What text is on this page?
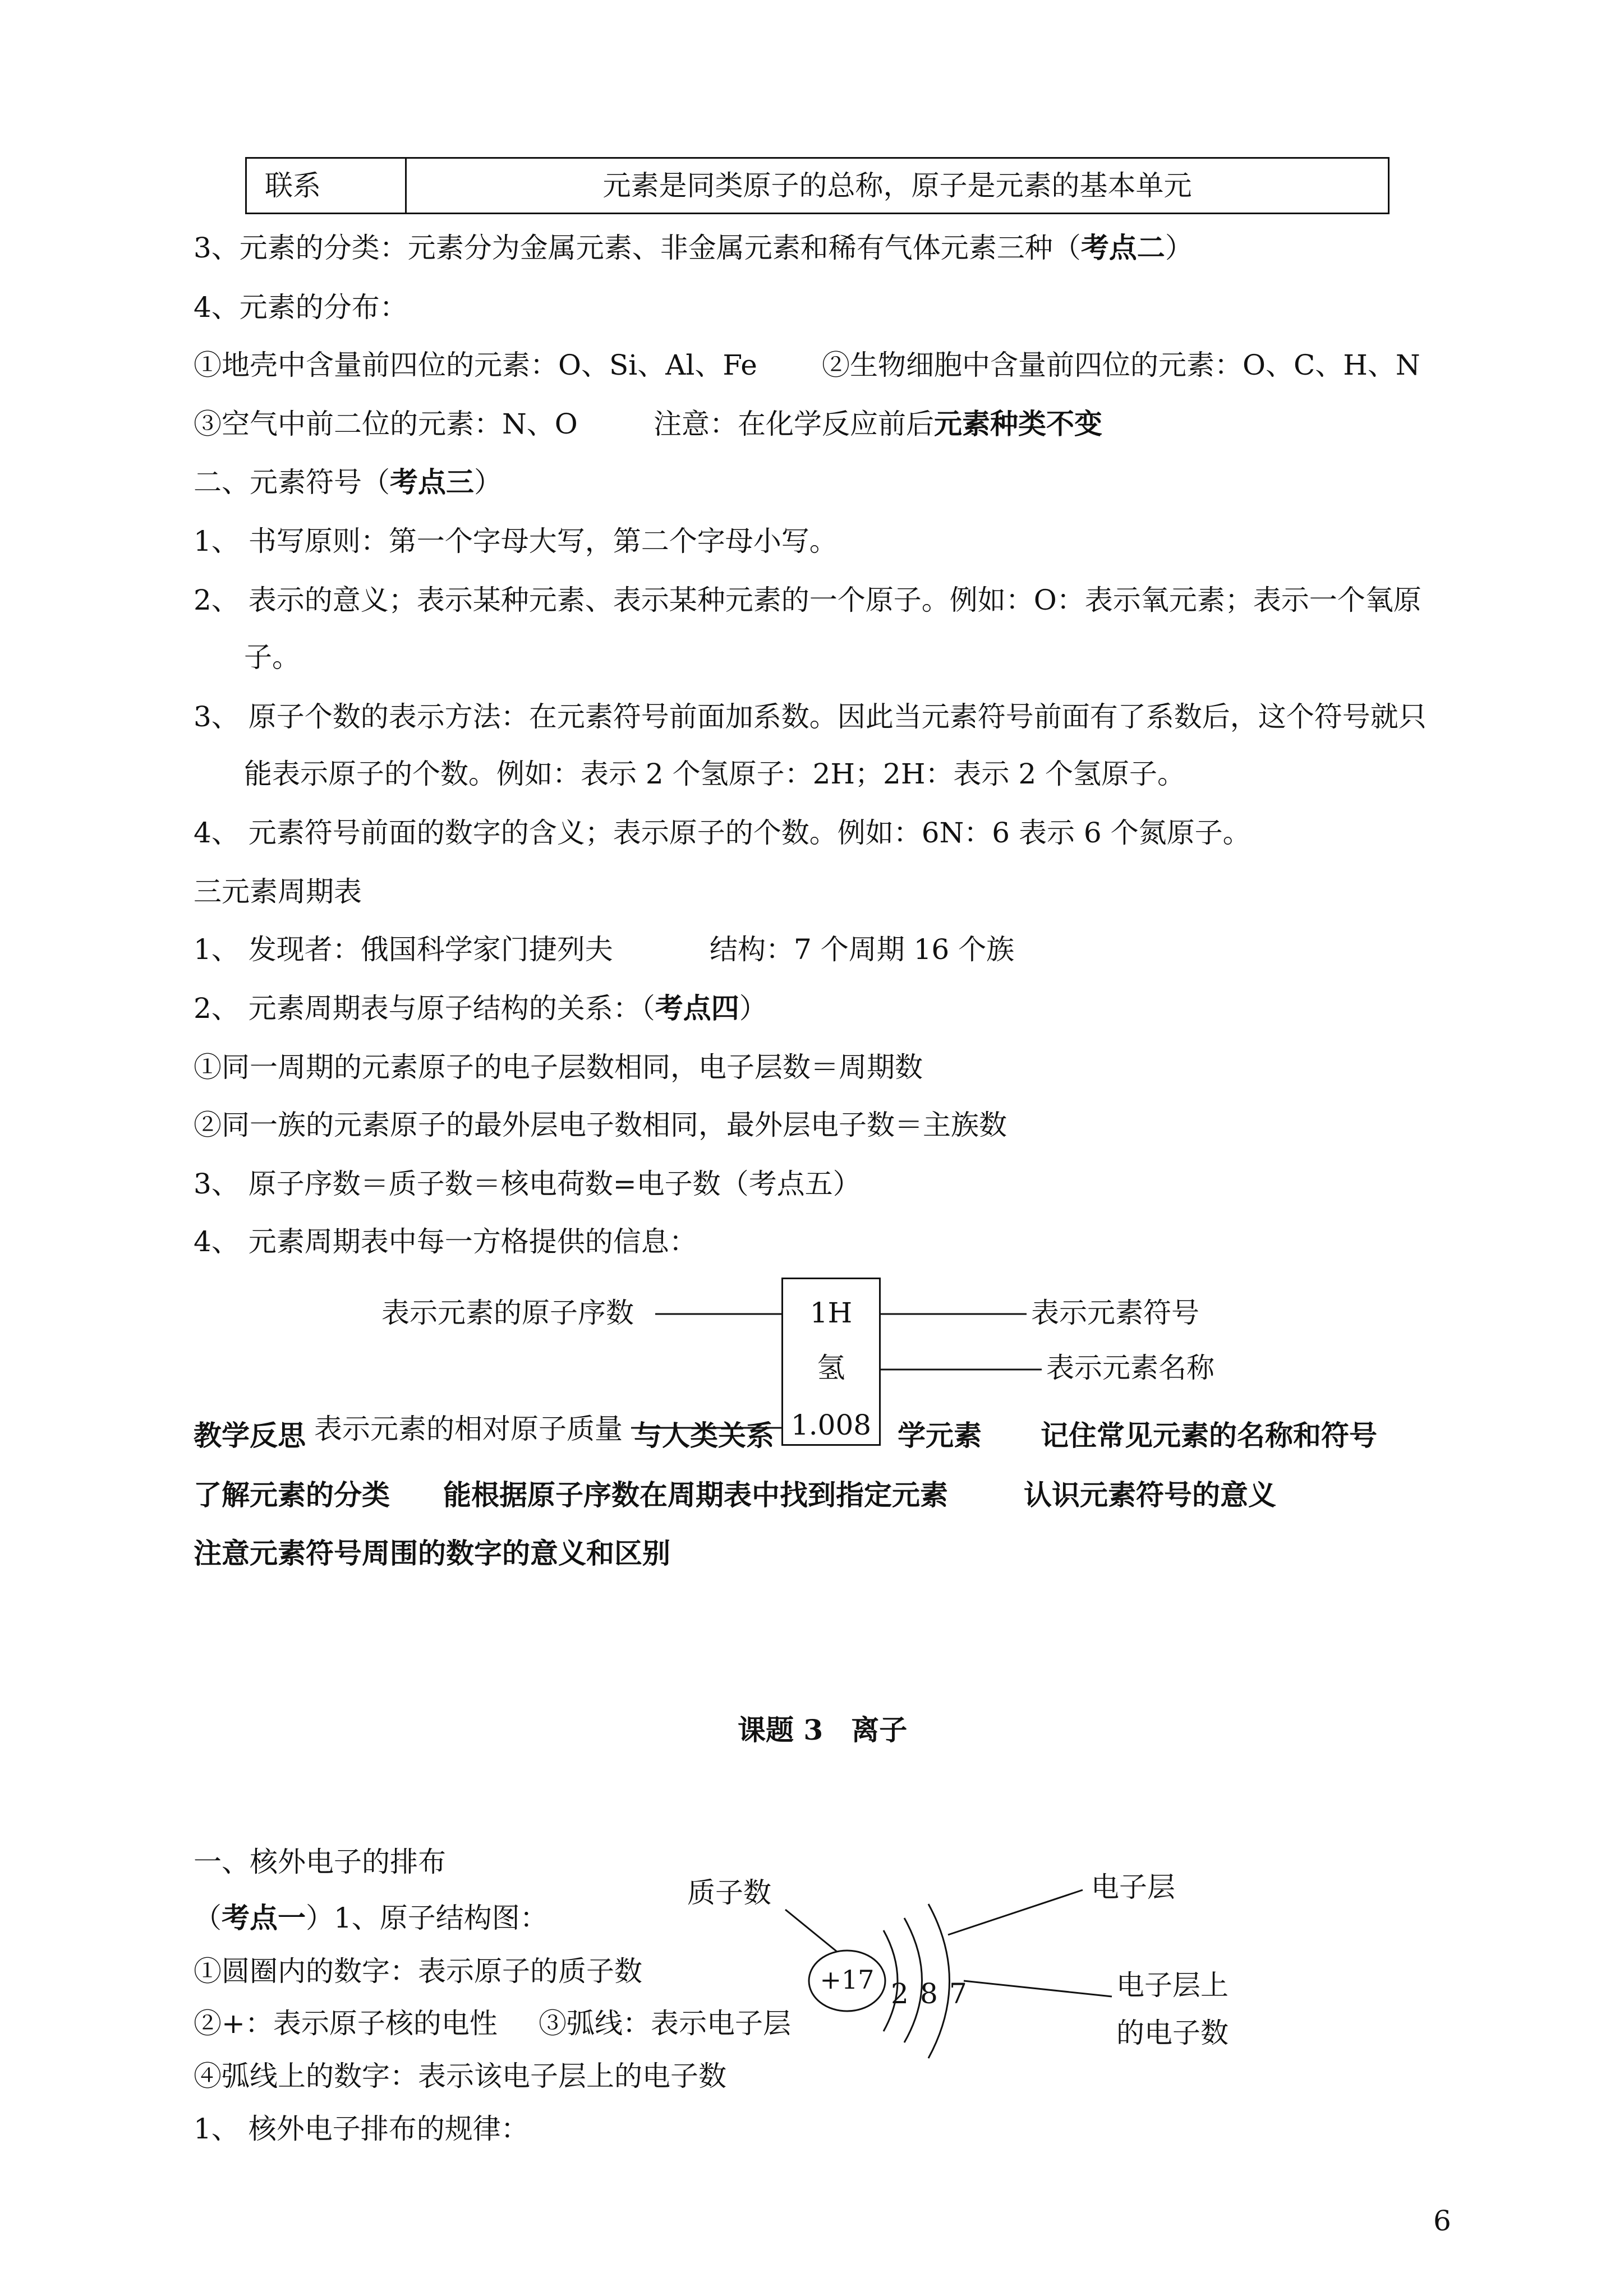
联系	元素是同类原子的总称，原子是元素的基本单元
3、元素的分类：元素分为金属元素、非金属元素和稀有气体元素三种（考点二）
4、元素的分布：
①地壳中含量前四位的元素：O、Si、Al、Fe ②生物细胞中含量前四位的元素：O、C、H、N
③空气中前二位的元素：N、O	注意：在化学反应前后元素种类不变
二、元素符号（考点三）
1、 书写原则：第一个字母大写，第二个字母小写。
2、 表示的意义；表示某种元素、表示某种元素的一个原子。例如：O：表示氧元素；表示一个氧原
子。
3、 原子个数的表示方法：在元素符号前面加系数。因此当元素符号前面有了系数后，这个符号就只
能表示原子的个数。例如：表示 2 个氢原子：2H；2H：表示 2 个氢原子。
4、 元素符号前面的数字的含义；表示原子的个数。例如：6N：6 表示 6 个氮原子。
三元素周期表
1、 发现者：俄国科学家门捷列夫	结构：7 个周期 16 个族
2、 元素周期表与原子结构的关系：（考点四）
①同一周期的元素原子的电子层数相同，电子层数＝周期数
②同一族的元素原子的最外层电子数相同，最外层电子数＝主族数
3、 原子序数＝质子数＝核电荷数=电子数（考点五）
4、 元素周期表中每一方格提供的信息：
1H
氢
1.008
表示元素的原子序数	表示元素符号
表示元素名称
教学反思	与人类关系	学元素 记住常见元素的名称和符号
表示元素的相对原子质量
了解元素的分类 能根据原子序数在周期表中找到指定元素	认识元素符号的意义
注意元素符号周围的数字的意义和区别
课题 3　离子
一、核外电子的排布
（考点一）1、原子结构图：
①圆圈内的数字：表示原子的质子数
②+：表示原子核的电性 ③弧线：表示电子层
④弧线上的数字：表示该电子层上的电子数
1、 核外电子排布的规律：
质子数	电子层
电子层上
的电子数
+17 2 8 7
6
